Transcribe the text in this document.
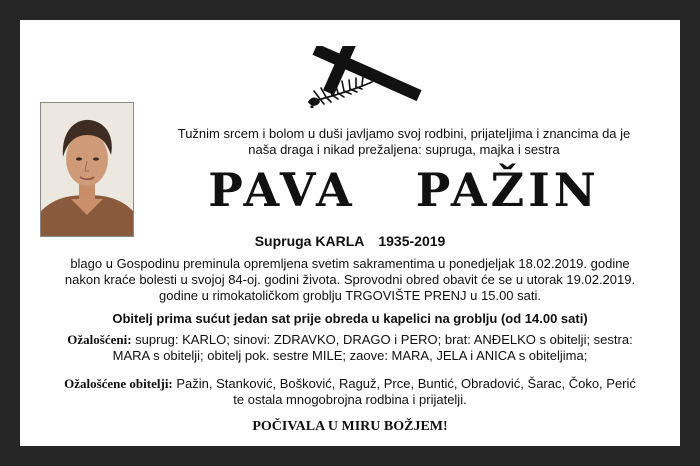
Tužnim srcem i bolom u duši javljamo svoj rodbini, prijateljima i znancima da je
naša draga i nikad prežaljena: supruga, majka i sestra
PAVA PAŽIN
Supruga KARLA 1935-2019
blago u Gospodinu preminula opremljena svetim sakramentima u ponedjeljak 18.02.2019. godine
nakon kraće bolesti u svojoj 84-oj. godini života. Sprovodni obred obavit će se u utorak 19.02.2019.
godine u rimokatoličkom groblju TRGOVIŠTE PRENJ u 15.00 sati.
Obitelj prima sućut jedan sat prije obreda u kapelici na groblju (od 14.00 sati)
Ožalošćeni: suprug: KARLO; sinovi: ZDRAVKO, DRAGO i PERO; brat: ANĐELKO s obitelji; sestra:
MARA s obitelji; obitelj pok. sestre MILE; zaove: MARA, JELA i ANICA s obiteljima;
Ožalošćene obitelji: Pažin, Stanković, Bošković, Raguž, Prce, Buntić, Obradović, Šarac, Čoko, Perić
te ostala mnogobrojna rodbina i prijatelji.
POČIVALA U MIRU BOŽJEM!
